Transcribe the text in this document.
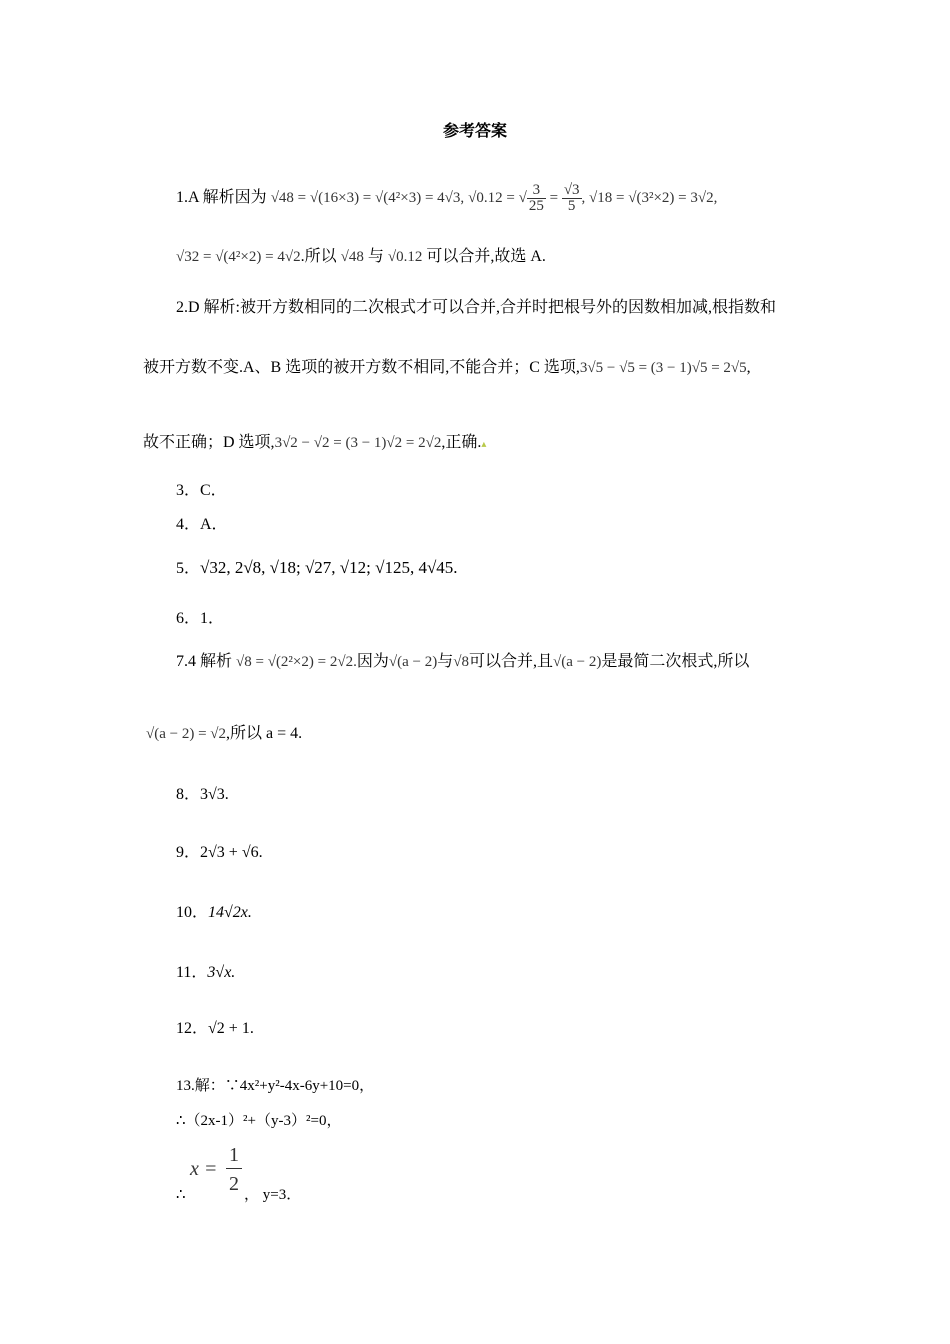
参考答案
1.A 解析因为 √48 = √(16×3) = √(4²×3) = 4√3, √0.12 = √ $\frac{3}{25} = \frac{√3}{5}$ , √18 = √(3²×2) = 3√2,
√32 = √(4²×2) = 4√2.所以 √48 与 √0.12 可以合并,故选 A.
2.D 解析:被开方数相同的二次根式才可以合并,合并时把根号外的因数相加减,根指数和
被开方数不变.A、B 选项的被开方数不相同,不能合并；C 选项,3√5 − √5 = (3 − 1)√5 = 2√5,
故不正确；D 选项,3√2 − √2 = (3 − 1)√2 = 2√2,正确.▴
3．C．
4．A．
5．√32, 2√8, √18; √27, √12; √125, 4√45.
6．1．
7.4 解析 √8 = √(2²×2) = 2√2.因为√(a − 2)与√8可以合并,且√(a − 2)是最简二次根式,所以
√(a − 2) = √2,所以 a = 4.
8．3√3.
9．2√3 + √6.
10．14√2x.
11．3√x.
12．√2 + 1.
13.解：∵4x²+y²-4x-6y+10=0，
∴（2x-1）²+（y-3）²=0，
x =
1
2
∴	， y=3．
